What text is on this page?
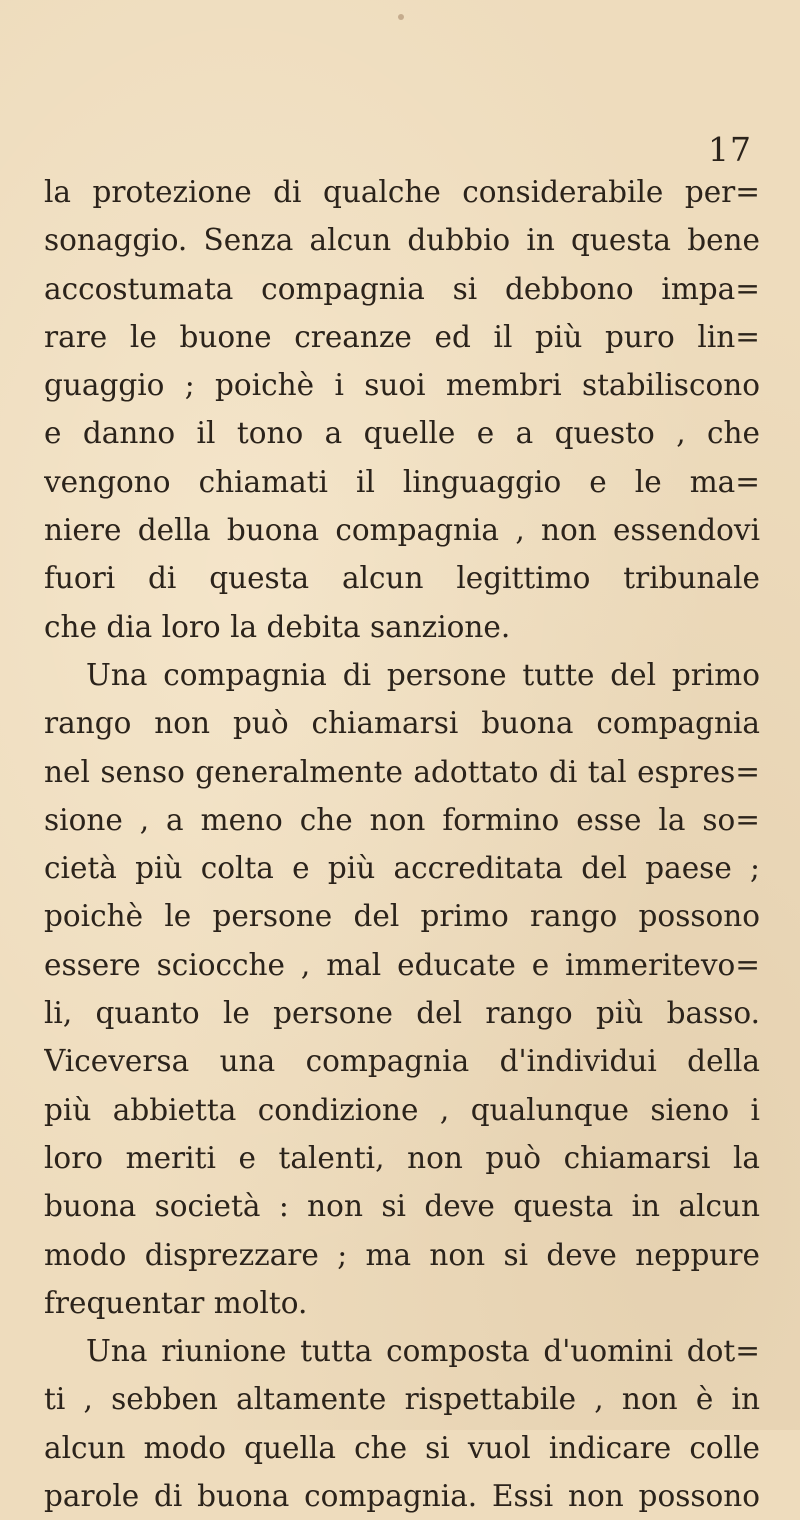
17
la protezione di qualche considerabile per=
sonaggio. Senza alcun dubbio in questa bene
accostumata compagnia si debbono impa=
rare le buone creanze ed il più puro lin=
guaggio ; poichè i suoi membri stabiliscono
e danno il tono a quelle e a questo , che
vengono chiamati il linguaggio e le ma=
niere della buona compagnia , non essendovi
fuori di questa alcun legittimo tribunale
che dia loro la debita sanzione.
Una compagnia di persone tutte del primo
rango non può chiamarsi buona compagnia
nel senso generalmente adottato di tal espres=
sione , a meno che non formino esse la so=
cietà più colta e più accreditata del paese ;
poichè le persone del primo rango possono
essere sciocche , mal educate e immeritevo=
li, quanto le persone del rango più basso.
Viceversa una compagnia d'individui della
più abbietta condizione , qualunque sieno i
loro meriti e talenti, non può chiamarsi la
buona società : non si deve questa in alcun
modo disprezzare ; ma non si deve neppure
frequentar molto.
Una riunione tutta composta d'uomini dot=
ti , sebben altamente rispettabile , non è in
alcun modo quella che si vuol indicare colle
parole di buona compagnia. Essi non possono
